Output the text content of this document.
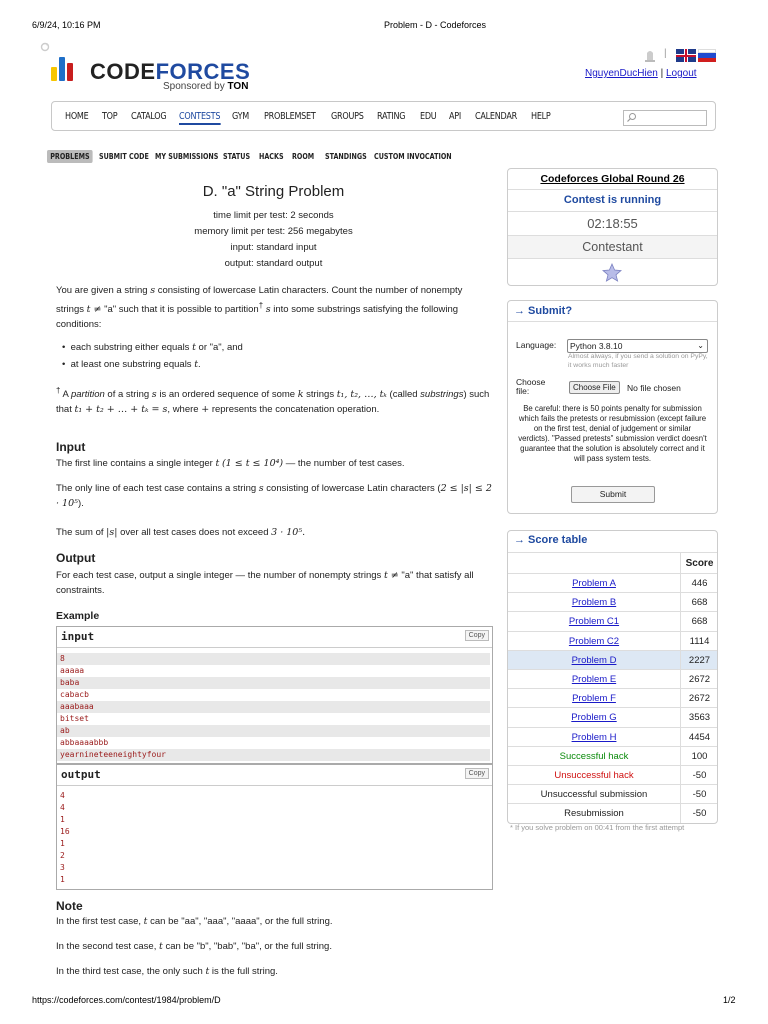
6/9/24, 10:16 PM	Problem - D - Codeforces
CODEFORCES
Sponsored by TON
|
NguyenDucHien | Logout
HOME TOP CATALOG CONTESTS GYM PROBLEMSET GROUPS RATING EDU API CALENDAR HELP
PROBLEMS	SUBMIT CODE MY SUBMISSIONS STATUS HACKS ROOM STANDINGS CUSTOM INVOCATION
D. "a" String Problem
time limit per test: 2 seconds
memory limit per test: 256 megabytes
input: standard input
output: standard output
You are given a string s consisting of lowercase Latin characters. Count the number of nonempty strings t ≠ "a" such that it is possible to partition† s into some substrings satisfying the following conditions:
•  each substring either equals t or "a", and
•  at least one substring equals t.
† A partition of a string s is an ordered sequence of some k strings t₁, t₂, …, tₖ (called substrings) such that t₁ + t₂ + … + tₖ = s, where + represents the concatenation operation.
Input
The first line contains a single integer t (1 ≤ t ≤ 10⁴) — the number of test cases.
The only line of each test case contains a string s consisting of lowercase Latin characters (2 ≤ |s| ≤ 2 · 10⁵).
The sum of |s| over all test cases does not exceed 3 · 10⁵.
Output
For each test case, output a single integer — the number of nonempty strings t ≠ "a" that satisfy all constraints.
Example
input	Copy
8
aaaaa
baba
cabacb
aaabaaa
bitset
ab
abbaaaabbb
yearnineteeneightyfour
output	Copy
4
4
1
16
1
2
3
1
Note
In the first test case, t can be "aa", "aaa", "aaaa", or the full string.
In the second test case, t can be "b", "bab", "ba", or the full string.
In the third test case, the only such t is the full string.
https://codeforces.com/contest/1984/problem/D	1/2
Codeforces Global Round 26
Contest is running
02:18:55
Contestant
→ Submit?
Language:	Python 3.8.10	⌄
Almost always, if you send a solution on PyPy, it works much faster
Choose file:	Choose File	No file chosen
Be careful: there is 50 points penalty for submission which fails the pretests or resubmission (except failure on the first test, denial of judgement or similar verdicts). "Passed pretests" submission verdict doesn't guarantee that the solution is absolutely correct and it will pass system tests.
Submit
→ Score table
Score
Problem A	446
Problem B	668
Problem C1	668
Problem C2	1114
Problem D	2227
Problem E	2672
Problem F	2672
Problem G	3563
Problem H	4454
Successful hack	100
Unsuccessful hack	-50
Unsuccessful submission	-50
Resubmission	-50
* If you solve problem on 00:41 from the first attempt
